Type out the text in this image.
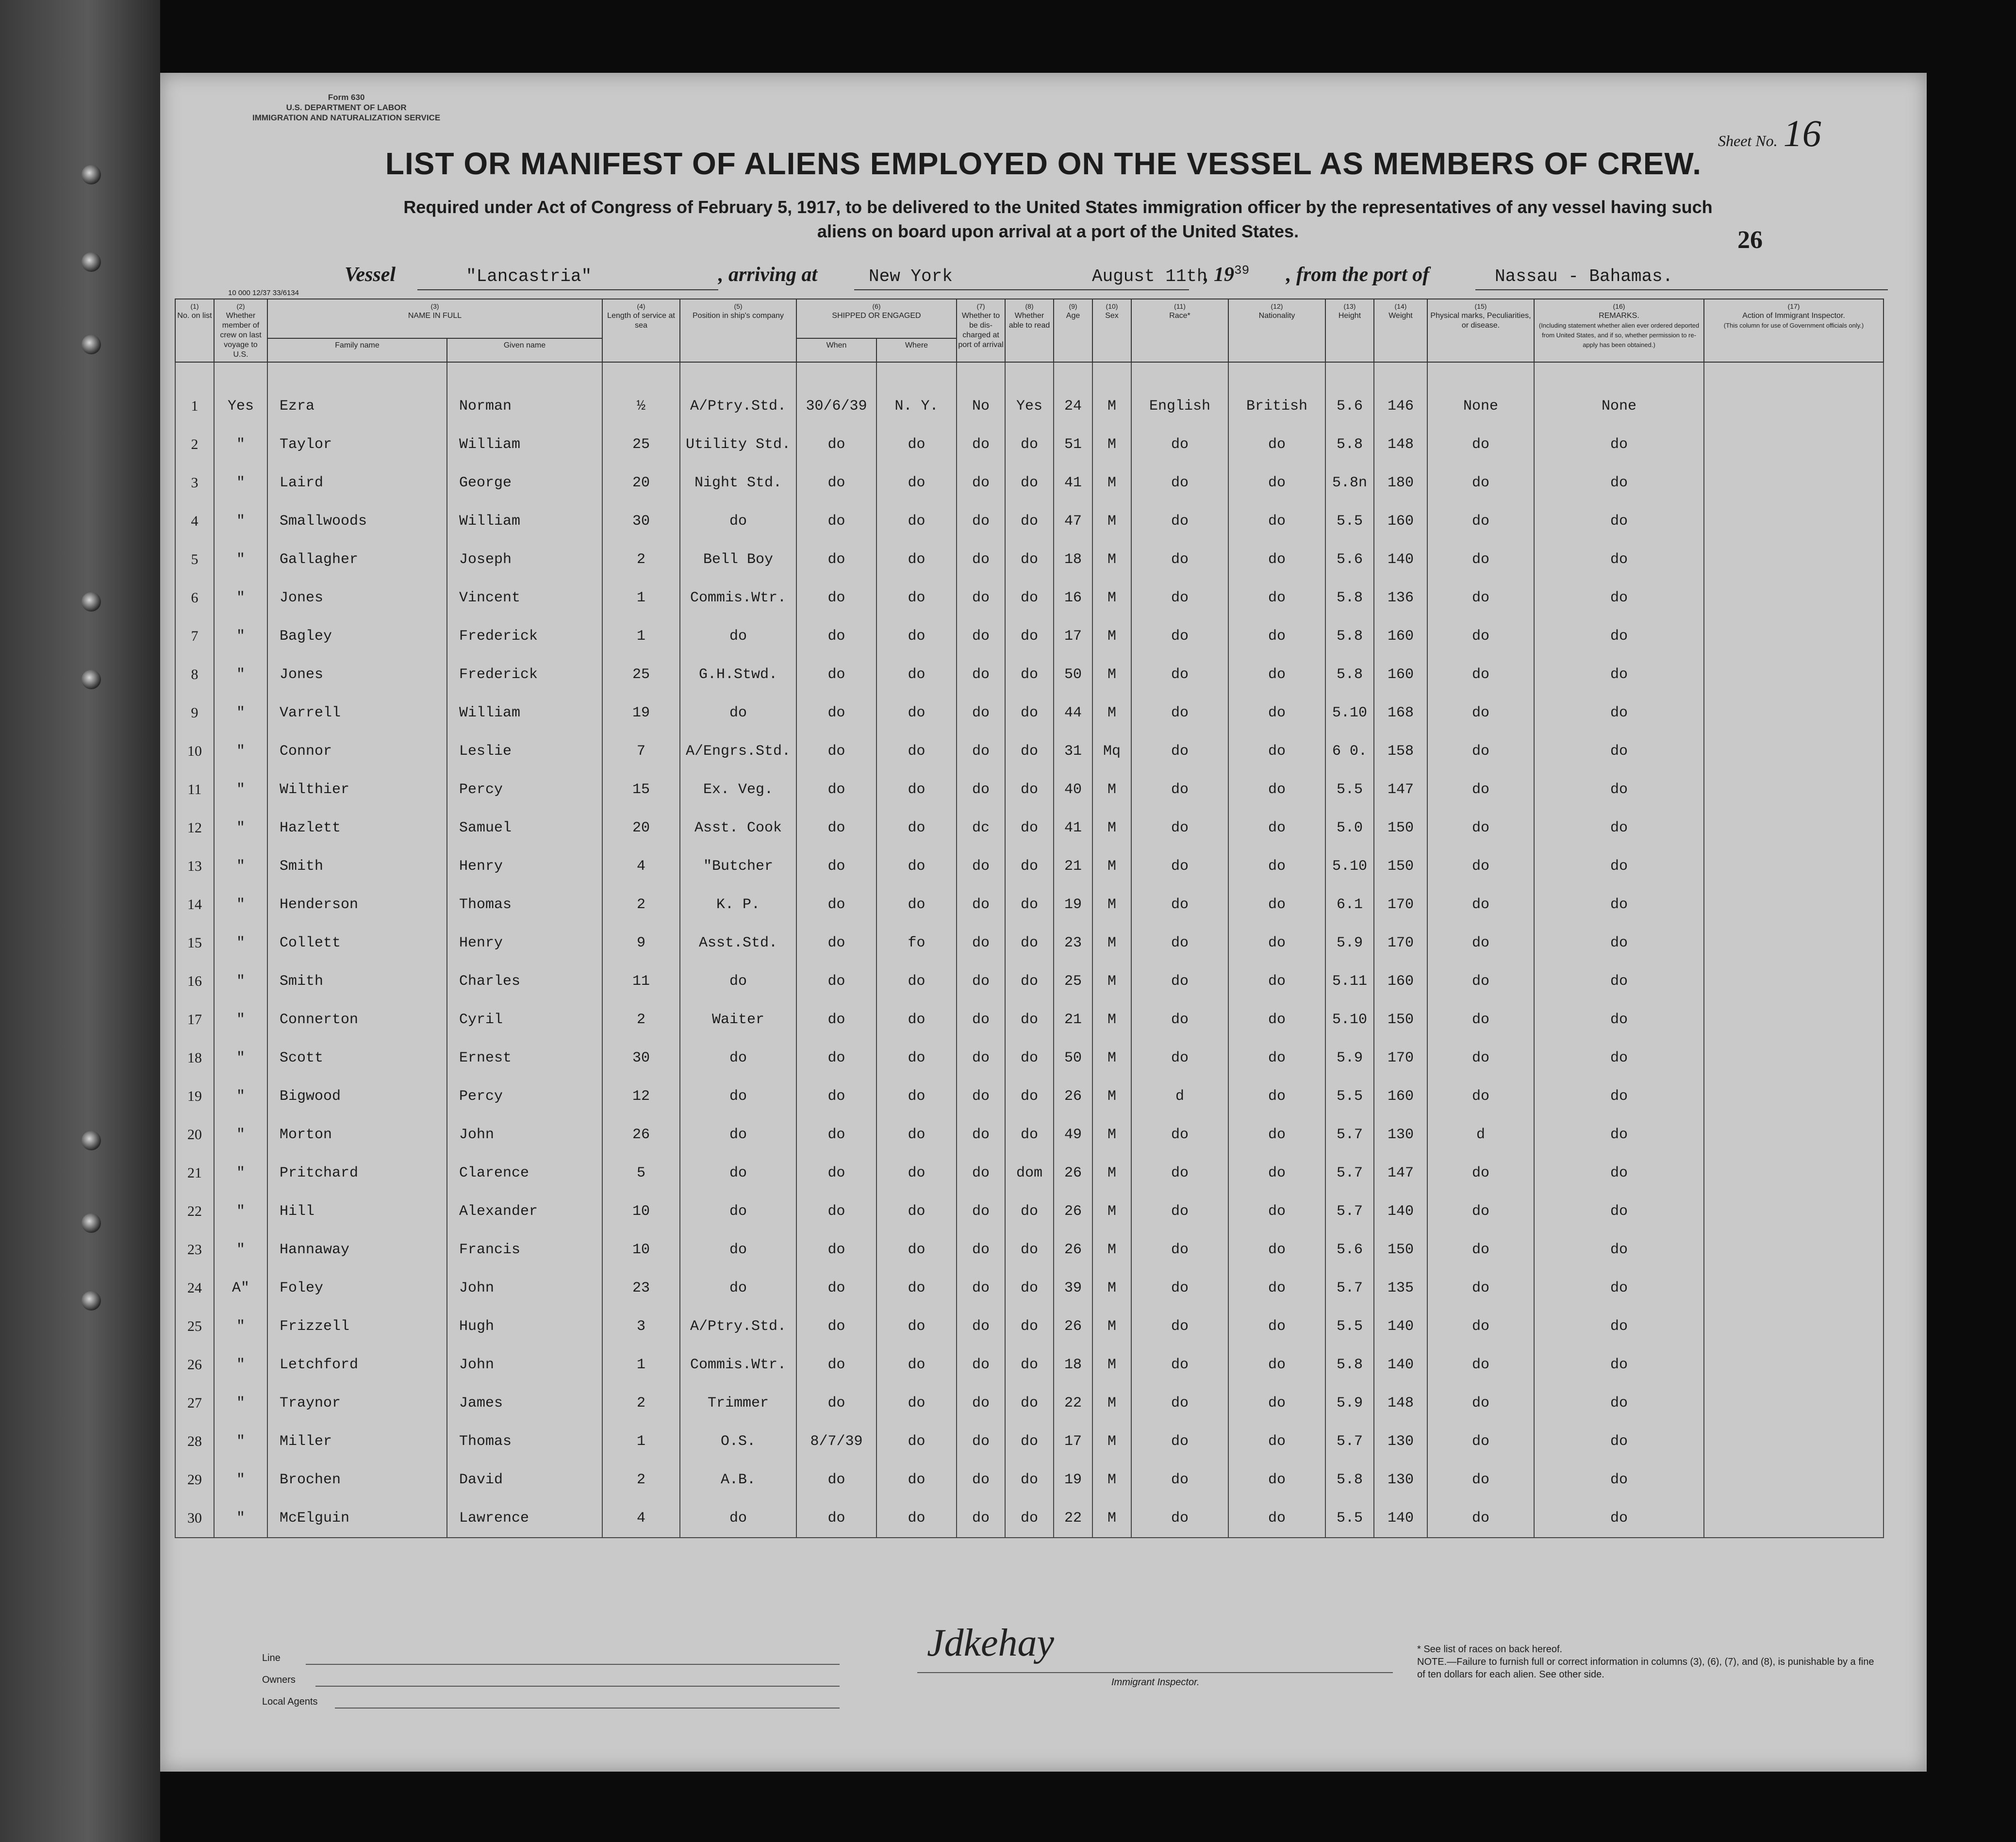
Form 630
U.S. DEPARTMENT OF LABOR
IMMIGRATION AND NATURALIZATION SERVICE
Sheet No. 16
LIST OR MANIFEST OF ALIENS EMPLOYED ON THE VESSEL AS MEMBERS OF CREW.
Required under Act of Congress of February 5, 1917, to be delivered to the United States immigration officer by the representatives of any vessel having such
aliens on board upon arrival at a port of the United States.	26
Vessel	"Lancastria"	, arriving at	New York	August 11th
, $19^{39}$ , from the port of	Nassau - Bahamas.
10 000 12/37 33/6134
(1)
No. on list	(2)
Whether member of crew on last voyage to U.S.	(3)
NAME IN FULL		(4)
Length of service at sea	(5)
Position in ship's company	(6)
SHIPPED OR ENGAGED		(7)
Whether to be dis-charged at port of arrival	(8)
Whether able to read	(9)
Age	(10)
Sex	(11)
Race*	(12)
Nationality	(13)
Height	(14)
Weight	(15)
Physical marks, Peculiarities, or disease.	(16)
REMARKS.
(Including statement whether alien ever ordered deported from United States, and if so, whether permission to re-apply has been obtained.)	(17)
Action of Immigrant Inspector.
(This column for use of Government officials only.)
		Family name	Given name			When	Where											

1	Yes	Ezra	Norman	½	A/Ptry.Std.	30/6/39	N. Y.	No	Yes	24	M	English	British	5.6	146	None	None	
2	"	Taylor	William	25	Utility Std.	do	do	do	do	51	M	do	do	5.8	148	do	do	
3	"	Laird	George	20	Night Std.	do	do	do	do	41	M	do	do	5.8n	180	do	do	
4	"	Smallwoods	William	30	do	do	do	do	do	47	M	do	do	5.5	160	do	do	
5	"	Gallagher	Joseph	2	Bell Boy	do	do	do	do	18	M	do	do	5.6	140	do	do	
6	"	Jones	Vincent	1	Commis.Wtr.	do	do	do	do	16	M	do	do	5.8	136	do	do	
7	"	Bagley	Frederick	1	do	do	do	do	do	17	M	do	do	5.8	160	do	do	
8	"	Jones	Frederick	25	G.H.Stwd.	do	do	do	do	50	M	do	do	5.8	160	do	do	
9	"	Varrell	William	19	do	do	do	do	do	44	M	do	do	5.10	168	do	do	
10	"	Connor	Leslie	7	A/Engrs.Std.	do	do	do	do	31	Mq	do	do	6 0.	158	do	do	
11	"	Wilthier	Percy	15	Ex. Veg.	do	do	do	do	40	M	do	do	5.5	147	do	do	
12	"	Hazlett	Samuel	20	Asst. Cook	do	do	dc	do	41	M	do	do	5.0	150	do	do	
13	"	Smith	Henry	4	"Butcher	do	do	do	do	21	M	do	do	5.10	150	do	do	
14	"	Henderson	Thomas	2	K. P.	do	do	do	do	19	M	do	do	6.1	170	do	do	
15	"	Collett	Henry	9	Asst.Std.	do	fo	do	do	23	M	do	do	5.9	170	do	do	
16	"	Smith	Charles	11	do	do	do	do	do	25	M	do	do	5.11	160	do	do	
17	"	Connerton	Cyril	2	Waiter	do	do	do	do	21	M	do	do	5.10	150	do	do	
18	"	Scott	Ernest	30	do	do	do	do	do	50	M	do	do	5.9	170	do	do	
19	"	Bigwood	Percy	12	do	do	do	do	do	26	M	d	do	5.5	160	do	do	
20	"	Morton	John	26	do	do	do	do	do	49	M	do	do	5.7	130	d	do	
21	"	Pritchard	Clarence	5	do	do	do	do	dom	26	M	do	do	5.7	147	do	do	
22	"	Hill	Alexander	10	do	do	do	do	do	26	M	do	do	5.7	140	do	do	
23	"	Hannaway	Francis	10	do	do	do	do	do	26	M	do	do	5.6	150	do	do	
24	A"	Foley	John	23	do	do	do	do	do	39	M	do	do	5.7	135	do	do	
25	"	Frizzell	Hugh	3	A/Ptry.Std.	do	do	do	do	26	M	do	do	5.5	140	do	do	
26	"	Letchford	John	1	Commis.Wtr.	do	do	do	do	18	M	do	do	5.8	140	do	do	
27	"	Traynor	James	2	Trimmer	do	do	do	do	22	M	do	do	5.9	148	do	do	
28	"	Miller	Thomas	1	O.S.	8/7/39	do	do	do	17	M	do	do	5.7	130	do	do	
29	"	Brochen	David	2	A.B.	do	do	do	do	19	M	do	do	5.8	130	do	do	
30	"	McElguin	Lawrence	4	do	do	do	do	do	22	M	do	do	5.5	140	do	do	
Line
Owners
Local Agents
Jdkehay
Immigrant Inspector.
* See list of races on back hereof.
NOTE.—Failure to furnish full or correct information in columns (3), (6), (7), and (8), is punishable by a fine of ten dollars for each alien. See other side.
